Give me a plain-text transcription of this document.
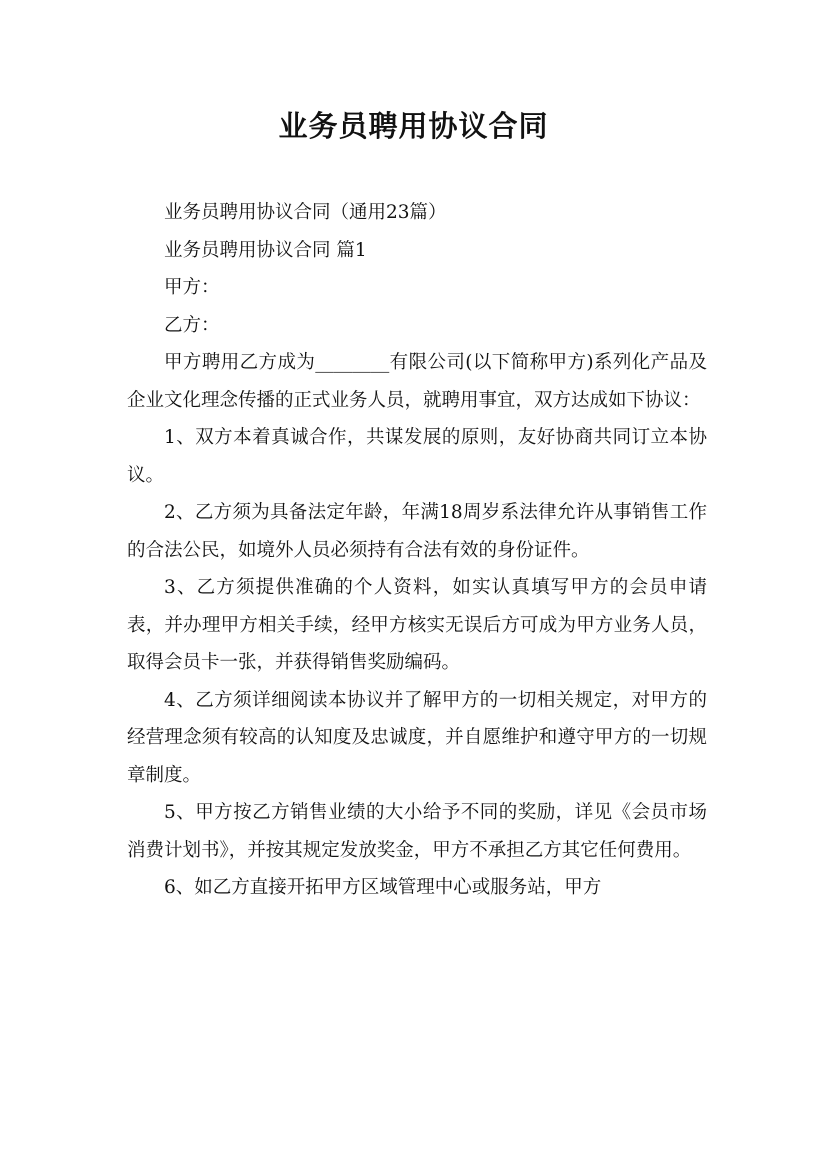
业务员聘用协议合同

业务员聘用协议合同（通用23篇）

业务员聘用协议合同 篇1

甲方：

乙方：

甲方聘用乙方成为________有限公司(以下简称甲方)系列化产品及企业文化理念传播的正式业务人员，就聘用事宜，双方达成如下协议：

1、双方本着真诚合作，共谋发展的原则，友好协商共同订立本协议。

2、乙方须为具备法定年龄，年满18周岁系法律允许从事销售工作的合法公民，如境外人员必须持有合法有效的身份证件。

3、乙方须提供准确的个人资料，如实认真填写甲方的会员申请表，并办理甲方相关手续，经甲方核实无误后方可成为甲方业务人员，取得会员卡一张，并获得销售奖励编码。

4、乙方须详细阅读本协议并了解甲方的一切相关规定，对甲方的经营理念须有较高的认知度及忠诚度，并自愿维护和遵守甲方的一切规章制度。

5、甲方按乙方销售业绩的大小给予不同的奖励，详见《会员市场消费计划书》，并按其规定发放奖金，甲方不承担乙方其它任何费用。

6、如乙方直接开拓甲方区域管理中心或服务站，甲方
